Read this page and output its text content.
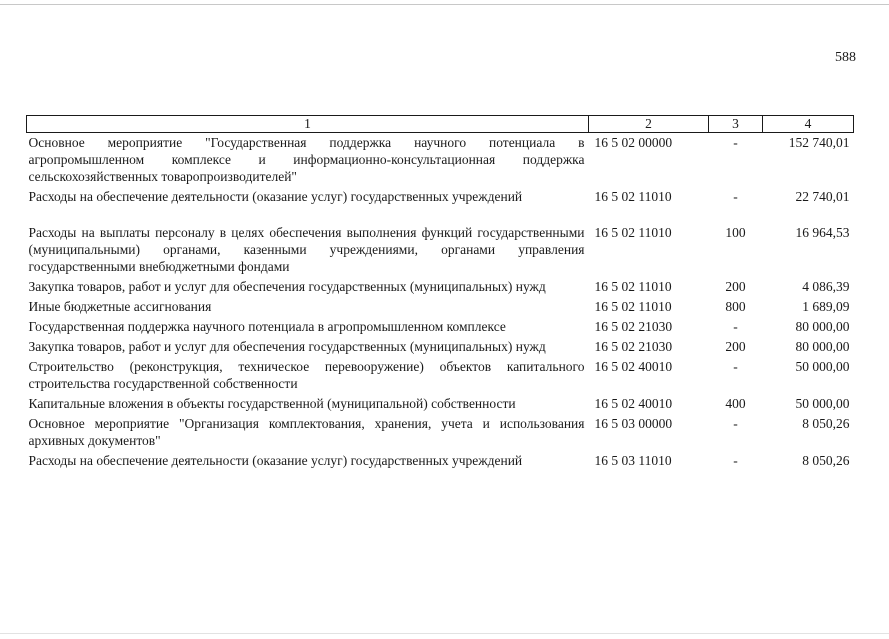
588
1	2	3	4
Основное мероприятие "Государственная поддержка научного потенциала в агропромышленном комплексе и информационно-консультационная поддержка сельскохозяйственных товаропроизводителей"	16 5 02 00000	-	152 740,01
Расходы на обеспечение деятельности (оказание услуг) государственных учреждений	16 5 02 11010	-	22 740,01

Расходы на выплаты персоналу в целях обеспечения выполнения функций государственными (муниципальными) органами, казенными учреждениями, органами управления государственными внебюджетными фондами	16 5 02 11010	100	16 964,53
Закупка товаров, работ и услуг для обеспечения государственных (муниципальных) нужд	16 5 02 11010	200	4 086,39
Иные бюджетные ассигнования	16 5 02 11010	800	1 689,09
Государственная поддержка научного потенциала в агропромышленном комплексе	16 5 02 21030	-	80 000,00
Закупка товаров, работ и услуг для обеспечения государственных (муниципальных) нужд	16 5 02 21030	200	80 000,00
Строительство (реконструкция, техническое перевооружение) объектов капитального строительства государственной собственности	16 5 02 40010	-	50 000,00
Капитальные вложения в объекты государственной (муниципальной) собственности	16 5 02 40010	400	50 000,00
Основное мероприятие "Организация комплектования, хранения, учета и использования архивных документов"	16 5 03 00000	-	8 050,26
Расходы на обеспечение деятельности (оказание услуг) государственных учреждений	16 5 03 11010	-	8 050,26
